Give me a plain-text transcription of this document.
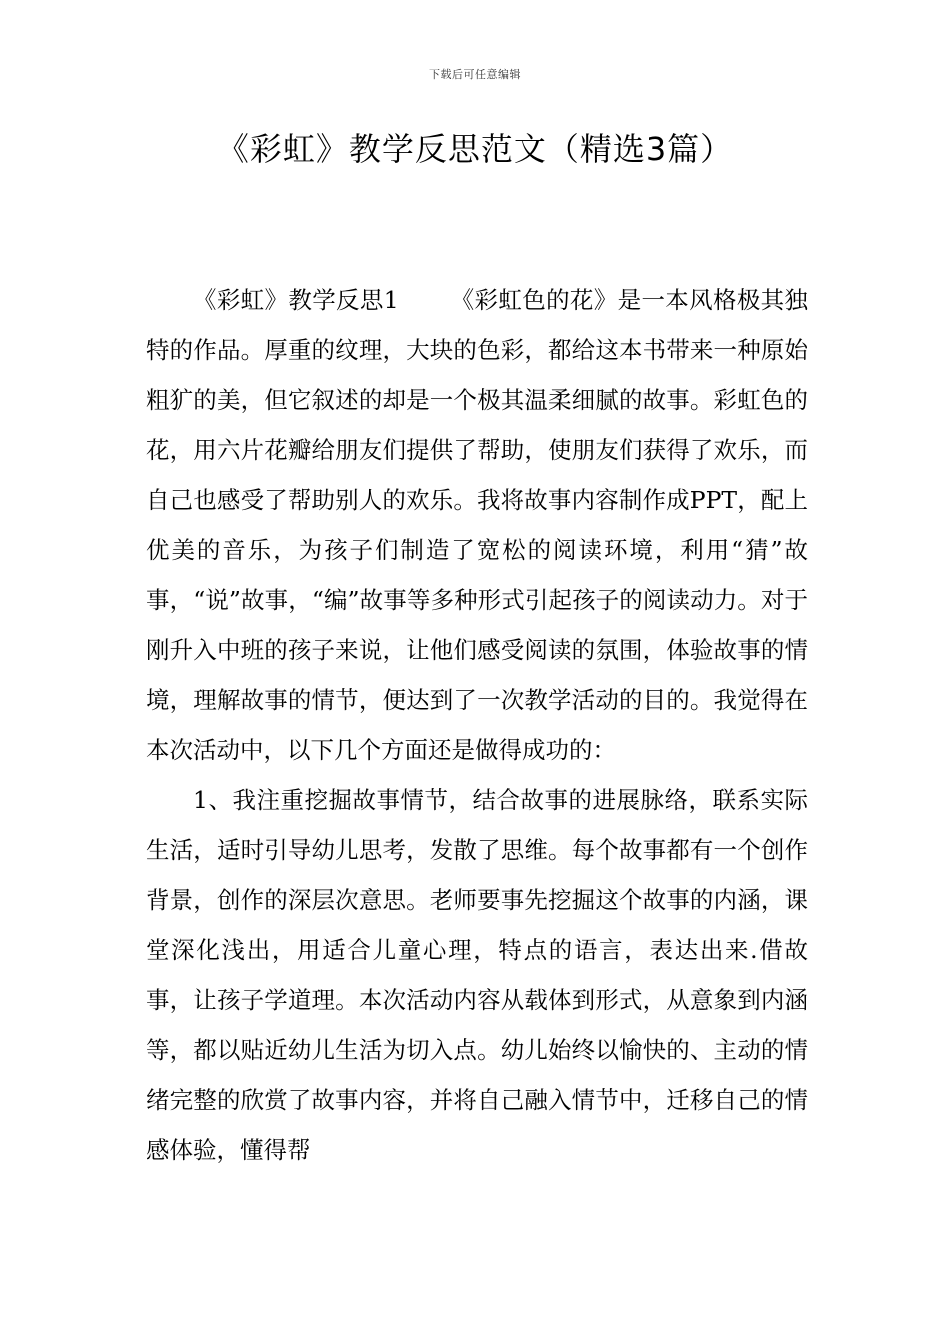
下载后可任意编辑
《彩虹》教学反思范文（精选3篇）

《彩虹》教学反思1 《彩虹色的花》是一本风格极其独特的作品。厚重的纹理，大块的色彩，都给这本书带来一种原始粗犷的美，但它叙述的却是一个极其温柔细腻的故事。彩虹色的花，用六片花瓣给朋友们提供了帮助，使朋友们获得了欢乐，而自己也感受了帮助别人的欢乐。我将故事内容制作成PPT，配上优美的音乐，为孩子们制造了宽松的阅读环境，利用“猜”故事，“说”故事，“编”故事等多种形式引起孩子的阅读动力。对于刚升入中班的孩子来说，让他们感受阅读的氛围，体验故事的情境，理解故事的情节，便达到了一次教学活动的目的。我觉得在本次活动中，以下几个方面还是做得成功的：

1、我注重挖掘故事情节，结合故事的进展脉络，联系实际生活，适时引导幼儿思考，发散了思维。每个故事都有一个创作背景，创作的深层次意思。老师要事先挖掘这个故事的内涵，课堂深化浅出，用适合儿童心理，特点的语言，表达出来.借故事，让孩子学道理。本次活动内容从载体到形式，从意象到内涵等，都以贴近幼儿生活为切入点。幼儿始终以愉快的、主动的情绪完整的欣赏了故事内容，并将自己融入情节中，迁移自己的情感体验，懂得帮
